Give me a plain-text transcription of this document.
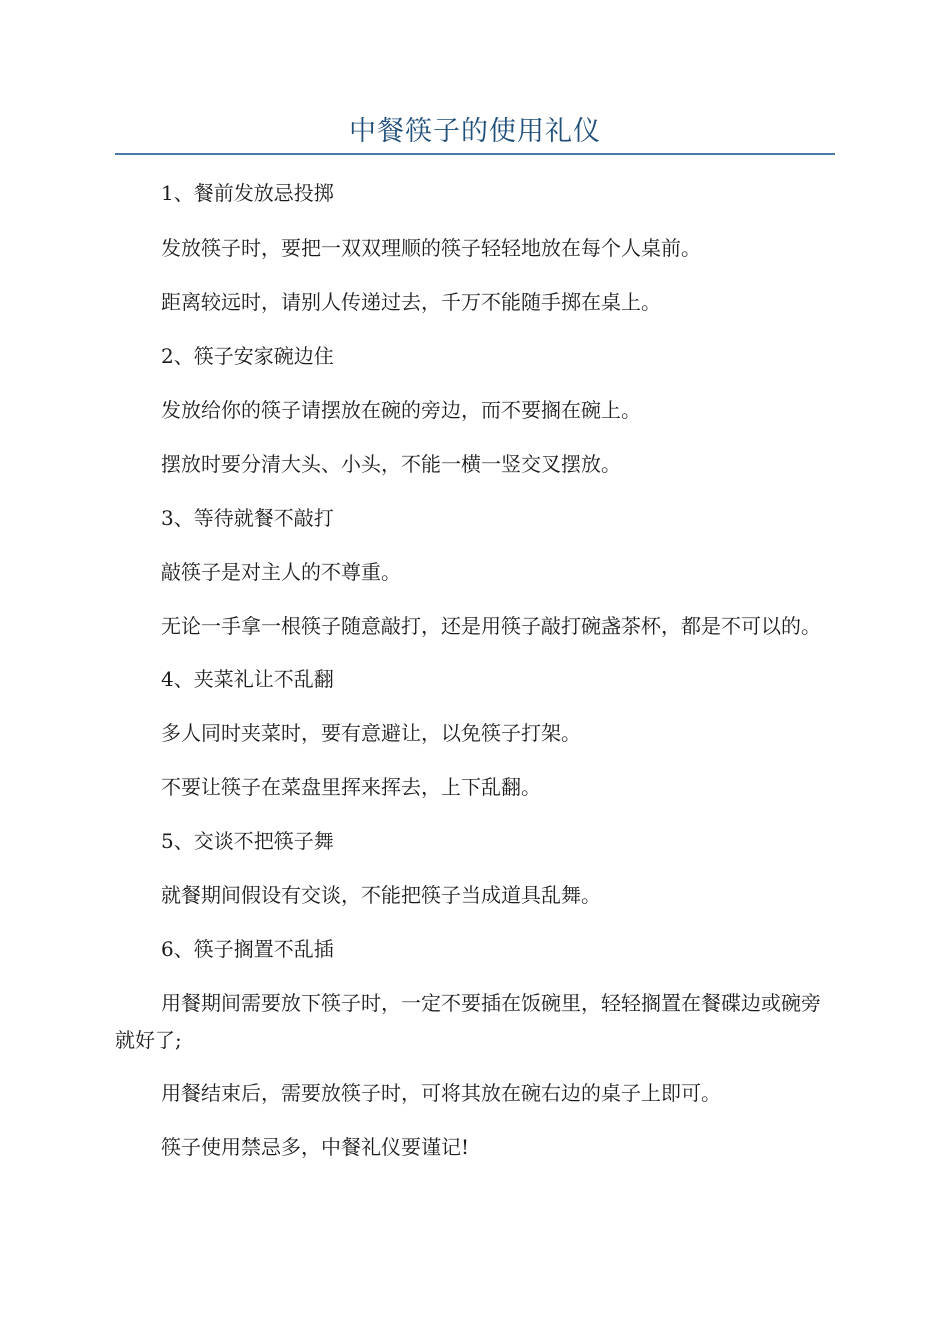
中餐筷子的使用礼仪

1、餐前发放忌投掷

发放筷子时，要把一双双理顺的筷子轻轻地放在每个人桌前。

距离较远时，请别人传递过去，千万不能随手掷在桌上。

2、筷子安家碗边住

发放给你的筷子请摆放在碗的旁边，而不要搁在碗上。

摆放时要分清大头、小头，不能一横一竖交叉摆放。

3、等待就餐不敲打

敲筷子是对主人的不尊重。

无论一手拿一根筷子随意敲打，还是用筷子敲打碗盏茶杯，都是不可以的。

4、夹菜礼让不乱翻

多人同时夹菜时，要有意避让，以免筷子打架。

不要让筷子在菜盘里挥来挥去，上下乱翻。

5、交谈不把筷子舞

就餐期间假设有交谈，不能把筷子当成道具乱舞。

6、筷子搁置不乱插

用餐期间需要放下筷子时，一定不要插在饭碗里，轻轻搁置在餐碟边或碗旁就好了;

用餐结束后，需要放筷子时，可将其放在碗右边的桌子上即可。

筷子使用禁忌多，中餐礼仪要谨记!
